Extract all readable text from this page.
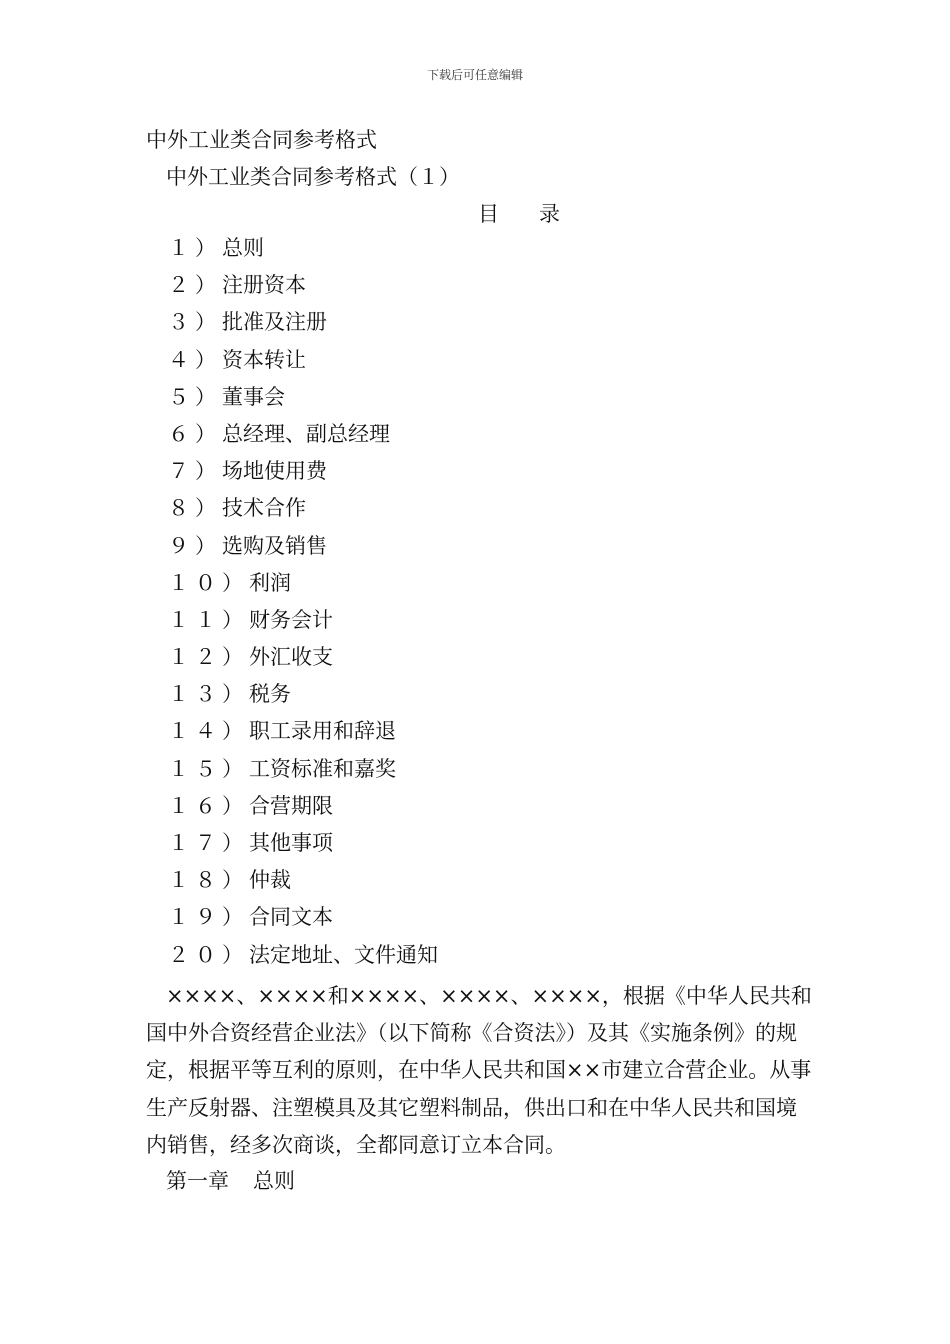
下载后可任意编辑
中外工业类合同参考格式
中外工业类合同参考格式（１）
目录
１）总则
２）注册资本
３）批准及注册
４）资本转让
５）董事会
６）总经理、副总经理
７）场地使用费
８）技术合作
９）选购及销售
１０）利润
１１）财务会计
１２）外汇收支
１３）税务
１４）职工录用和辞退
１５）工资标准和嘉奖
１６）合营期限
１７）其他事项
１８）仲裁
１９）合同文本
２０）法定地址、文件通知

××××、××××和××××、××××、××××，根据《中华人民共和国中外合资经营企业法》（以下简称《合资法》）及其《实施条例》的规定，根据平等互利的原则，在中华人民共和国××市建立合营企业。从事生产反射器、注塑模具及其它塑料制品，供出口和在中华人民共和国境内销售，经多次商谈，全都同意订立本合同。

第一章 总则
